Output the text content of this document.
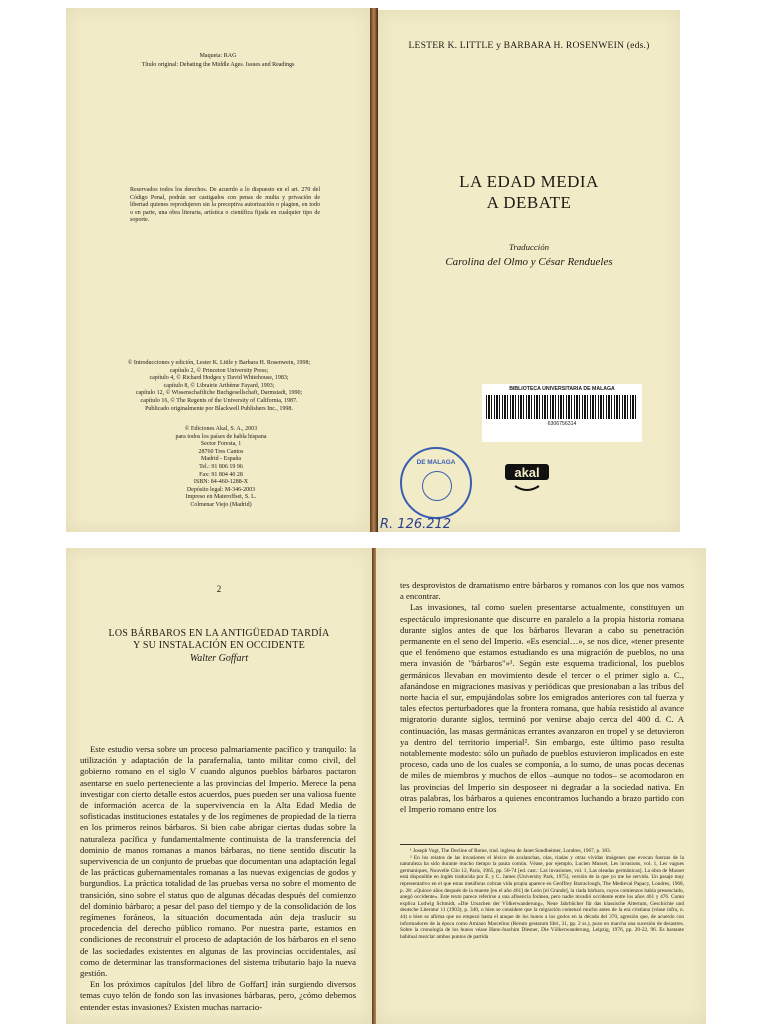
Maqueta: RAG
Título original: Debating the Middle Ages. Issues and Readings
Reservados todos los derechos. De acuerdo a lo dispuesto en el art. 270 del Código Penal, podrán ser castigados con penas de multa y privación de libertad quienes reprodujeren sin la preceptiva autorización o plagien, en todo o en parte, una obra literaria, artística o científica fijada en cualquier tipo de soporte.
© Introducciones y edición, Lester K. Little y Barbara H. Rosenwein, 1998;
capítulo 2, © Princeton University Press;
capítulo 4, © Richard Hodges y David Whitehouse, 1983;
capítulo 8, © Librairie Arthème Fayard, 1993;
capítulo 12, © Wissenschaftliche Buchgesellschaft, Darmstadt, 1990;
capítulo 16, © The Regents of the University of California, 1987.
Publicado originalmente por Blackwell Publishers Inc., 1998.
© Ediciones Akal, S. A., 2003
para todos los países de habla hispana
Sector Foresta, 1
28760 Tres Cantos
Madrid - España
Tel.: 91 806 19 96
Fax: 91 804 40 28
ISBN: 84-460-1288-X
Depósito legal: M-346-2003
Impreso en Materoffset, S. L.
Colmenar Viejo (Madrid)
LESTER K. LITTLE y BARBARA H. ROSENWEIN (eds.)
LA EDAD MEDIA
A DEBATE
Traducción
Carolina del Olmo y César Rendueles
BIBLIOTECA UNIVERSITARIA DE MALAGA
6306756314
DE MALAGA
akal
R. 126.212
2
LOS BÁRBAROS EN LA ANTIGÜEDAD TARDÍA
Y SU INSTALACIÓN EN OCCIDENTE
Walter Goffart

Este estudio versa sobre un proceso palmariamente pacífico y tranquilo: la utilización y adaptación de la parafernalia, tanto militar como civil, del gobierno romano en el siglo V cuando algunos pueblos bárbaros pactaron asentarse en suelo perteneciente a las provincias del Imperio. Merece la pena investigar con cierto detalle estos acuerdos, pues pueden ser una valiosa fuente de información acerca de la supervivencia en la Alta Edad Media de sofisticadas instituciones estatales y de los regímenes de propiedad de la tierra en los primeros reinos bárbaros. Si bien cabe abrigar ciertas dudas sobre la naturaleza pacífica y fundamentalmente continuista de la transferencia del dominio de manos romanas a manos bárbaras, no tiene sentido discutir la supervivencia de un conjunto de pruebas que documentan una adaptación legal de las prácticas gubernamentales romanas a las nuevas exigencias de godos y burgundios. La práctica totalidad de las pruebas versa no sobre el momento de transición, sino sobre el status quo de algunas décadas después del comienzo del dominio bárbaro; a pesar del paso del tiempo y de la consolidación de los regímenes foráneos, la situación documentada aún deja traslucir su procedencia del derecho público romano. Por nuestra parte, estamos en condiciones de reconstruir el proceso de adaptación de los bárbaros en el seno de las sociedades existentes en algunas de las provincias occidentales, así como de determinar las transformaciones del sistema tributario bajo la nueva gestión.

En los próximos capítulos [del libro de Goffart] irán surgiendo diversos temas cuyo telón de fondo son las invasiones bárbaras, pero, ¿cómo debemos entender estas invasiones? Existen muchas narracio-

tes desprovistos de dramatismo entre bárbaros y romanos con los que nos vamos a encontrar.

Las invasiones, tal como suelen presentarse actualmente, constituyen un espectáculo impresionante que discurre en paralelo a la propia historia romana durante siglos antes de que los bárbaros llevaran a cabo su penetración permanente en el seno del Imperio. «Es esencial…», se nos dice, «tener presente que el fenómeno que estamos estudiando es una migración de pueblos, no una mera invasión de "bárbaros"»¹. Según este esquema tradicional, los pueblos germánicos llevaban en movimiento desde el tercer o el primer siglo a. C., afanándose en migraciones masivas y periódicas que presionaban a las tribus del norte hacia el sur, empujándolas sobre los emigrados anteriores con tal fuerza y tales efectos perturbadores que la frontera romana, que había resistido al avance migratorio durante siglos, terminó por venirse abajo cerca del 400 d. C. A continuación, las masas germánicas errantes avanzaron en tropel y se detuvieron ya dentro del territorio imperial². Sin embargo, este último paso resulta notablemente modesto: sólo un puñado de pueblos estuvieron implicados en este proceso, cada uno de los cuales se componía, a lo sumo, de unas pocas decenas de miles de miembros y muchos de ellos –aunque no todos– se acomodaron en las provincias del Imperio sin desposeer ni degradar a la sociedad nativa. En otras palabras, los bárbaros a quienes encontramos luchando a brazo partido con el Imperio romano entre los

¹ Joseph Vogt, The Decline of Rome, trad. inglesa de Janet Sondheimer, Londres, 1967, p. 183.

² En los relatos de las invasiones el léxico de avalanchas, olas, riadas y otras vívidas imágenes que evocan fuerzas de la naturaleza ha sido durante mucho tiempo la pauta común. Véase, por ejemplo, Lucien Musset, Les invasions, vol. 1, Les vagues germaniques, Nouvelle Clio 12, París, 1965, pp. 50-74 [ed. cast.: Las invasiones, vol. 1, Las oleadas germánicas]. La obra de Musset está disponible en inglés traducida por E. y C. James (University Park, 1975), versión de la que yo me he servido. Un pasaje muy representativo en el que estas metáforas cobran vida propia aparece en Geoffrey Barraclough, The Medieval Papacy, Londres, 1968, p. 28: «Quince años después de la muerte [en el año 461] de León [el Grande], la riada bárbara, cuyos comienzos había presenciado, anegó occidente». Este texto parece referirse a una afluencia foránea, pero nadie invadió occidente entre los años 461 y 476. Como explica Ludwig Schmidt, «Die Ursachen der Völkerwanderung», Neue Jahrbücher für das klassische Altertum, Geschichte und deutsche Literatur 11 (1903), p. 340, o bien se considere que la migración comenzó mucho antes de la era cristiana (véase infra, n. 44) o bien se afirma que no empezó hasta el ataque de los hunos a los godos en la década del 370, agresión que, de acuerdo con informadores de la época como Amiano Marcelino (Rerum gestarum libri, 31, pp. 2 ss.), puso en marcha una sucesión de desastres. Sobre la cronología de los hunos véase Hans-Joachim Diesner, Die Völkerwanderung, Leipzig, 1976, pp. 20-22, 96. Es bastante habitual mezclar ambos puntos de partida
